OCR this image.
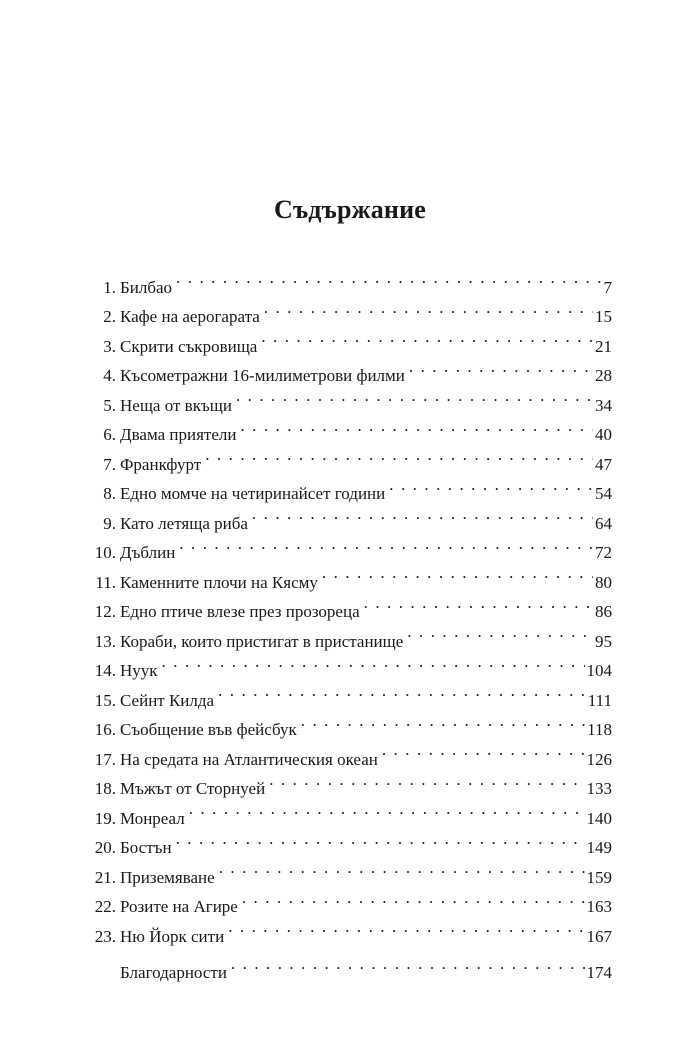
Съдържание
1. Билбао . . .	7
2. Кафе на аерогарата . . .	15
3. Скрити съкровища . . .	21
4. Късометражни 16-милиметрови филми . . .	28
5. Неща от вкъщи . . .	34
6. Двама приятели . . .	40
7. Франкфурт . . .	47
8. Едно момче на четиринайсет години . . .	54
9. Като летяща риба . . .	64
10. Дъблин . . .	72
11. Каменните плочи на Кясму . . .	80
12. Едно птиче влезе през прозореца . . .	86
13. Кораби, които пристигат в пристанище . . .	95
14. Нуук . . .	104
15. Сейнт Килда . . .	111
16. Съобщение във фейсбук . . .	118
17. На средата на Атлантическия океан . . .	126
18. Мъжът от Сторнуей . . .	133
19. Монреал . . .	140
20. Бостън . . .	149
21. Приземяване . . .	159
22. Розите на Агире . . .	163
23. Ню Йорк сити . . .	167
Благодарности . . .	174
